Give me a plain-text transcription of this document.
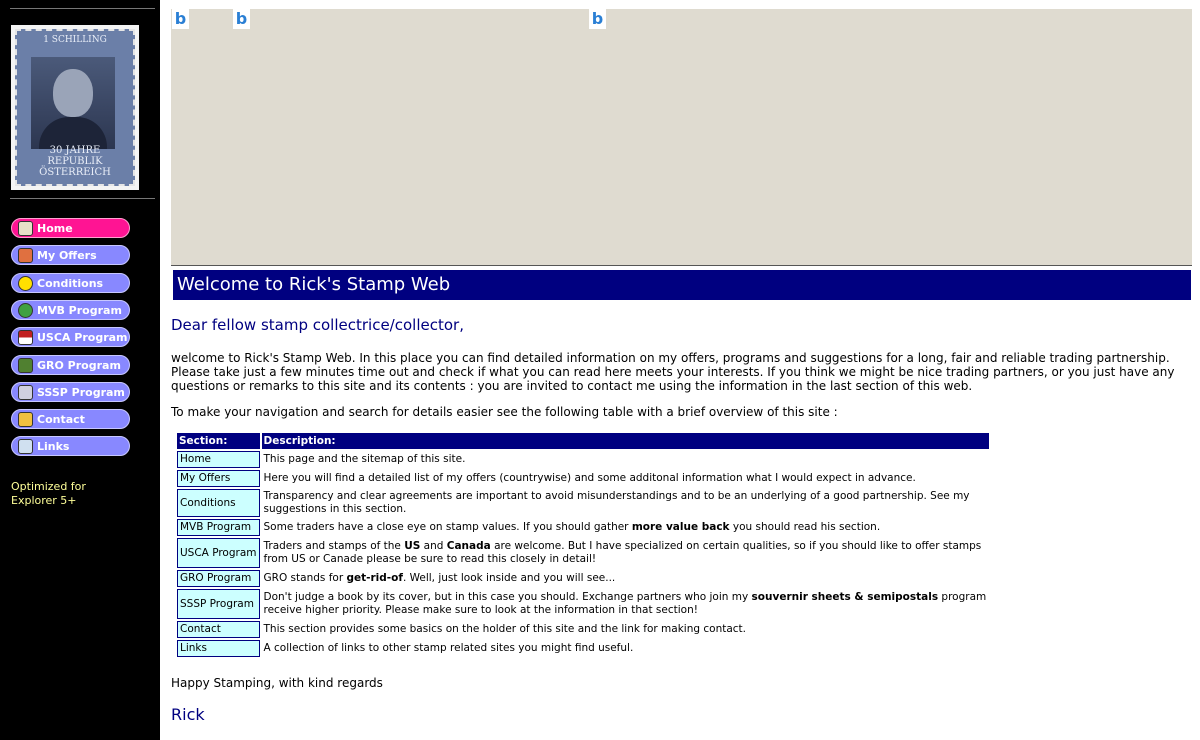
1 SCHILLING
30 JAHRE
REPUBLIK
ÖSTERREICH
Home
My Offers
Conditions
MVB Program
USCA Program
GRO Program
SSSP Program
Contact
Links
Optimized for
Explorer 5+
b	b	b
Welcome to Rick's Stamp Web
Dear fellow stamp collectrice/collector,
welcome to Rick's Stamp Web. In this place you can find detailed information on my offers, programs and suggestions for a long, fair and reliable trading partnership. Please take just a few minutes time out and check if what you can read here meets your interests. If you think we might be nice trading partners, or you just have any questions or remarks to this site and its contents : you are invited to contact me using the information in the last section of this web.
To make your navigation and search for details easier see the following table with a brief overview of this site :
Section:	Description:
Home	This page and the sitemap of this site.
My Offers	Here you will find a detailed list of my offers (countrywise) and some additonal information what I would expect in advance.
Conditions	Transparency and clear agreements are important to avoid misunderstandings and to be an underlying of a good partnership. See my suggestions in this section.
MVB Program	Some traders have a close eye on stamp values. If you should gather more value back you should read his section.
USCA Program	Traders and stamps of the US and Canada are welcome. But I have specialized on certain qualities, so if you should like to offer stamps from US or Canade please be sure to read this closely in detail!
GRO Program	GRO stands for get-rid-of. Well, just look inside and you will see...
SSSP Program	Don't judge a book by its cover, but in this case you should. Exchange partners who join my souvernir sheets & semipostals program receive higher priority. Please make sure to look at the information in that section!
Contact	This section provides some basics on the holder of this site and the link for making contact.
Links	A collection of links to other stamp related sites you might find useful.
Happy Stamping, with kind regards
Rick
